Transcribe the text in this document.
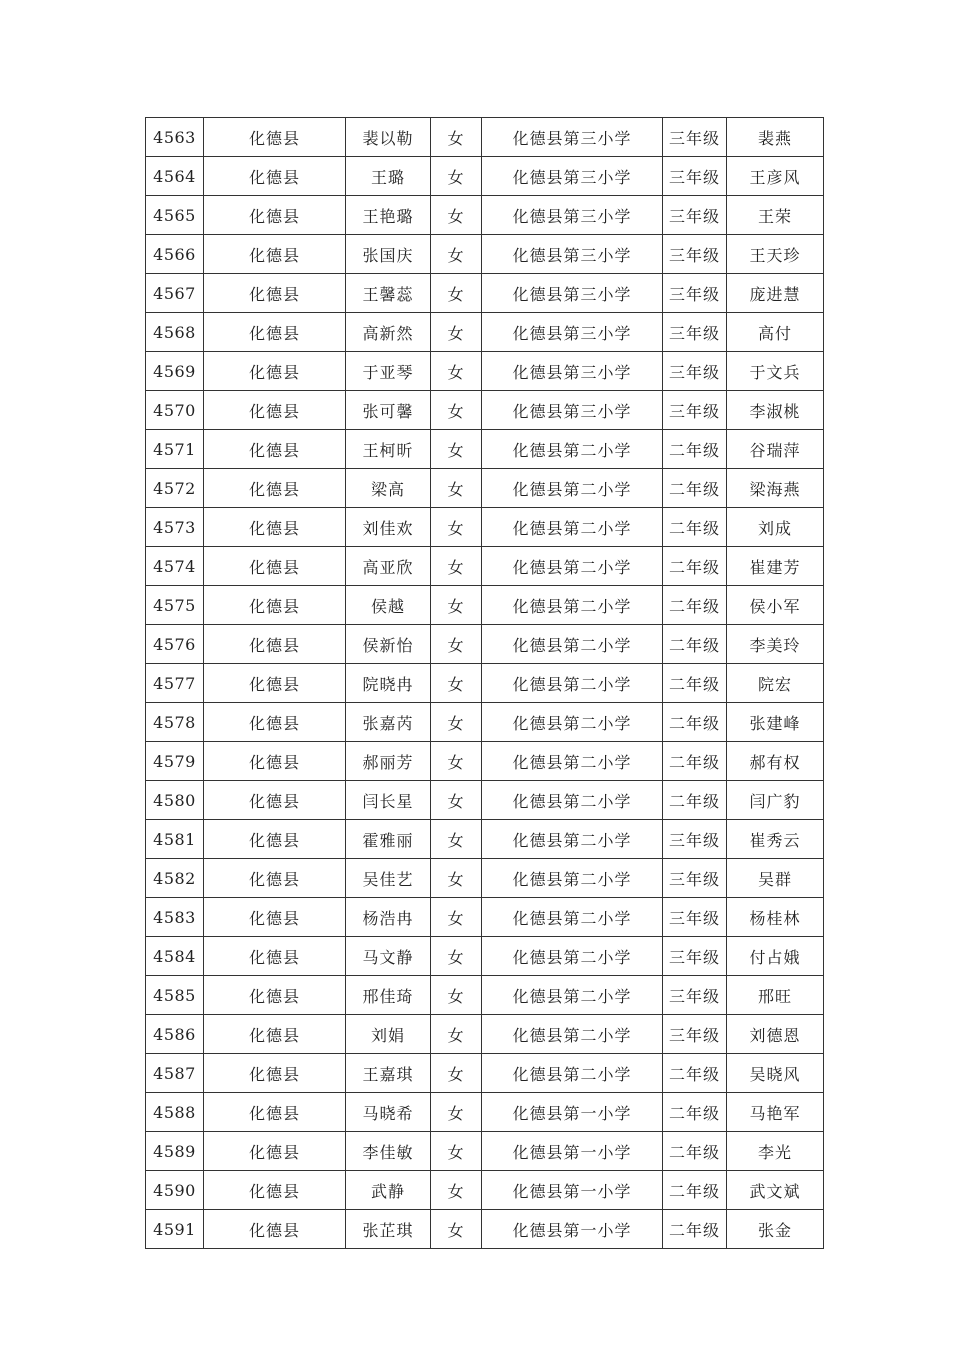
4563	化德县	裴以勒	女	化德县第三小学	三年级	裴燕
4564	化德县	王璐	女	化德县第三小学	三年级	王彦风
4565	化德县	王艳璐	女	化德县第三小学	三年级	王荣
4566	化德县	张国庆	女	化德县第三小学	三年级	王天珍
4567	化德县	王馨蕊	女	化德县第三小学	三年级	庞进慧
4568	化德县	高新然	女	化德县第三小学	三年级	高付
4569	化德县	于亚琴	女	化德县第三小学	三年级	于文兵
4570	化德县	张可馨	女	化德县第三小学	三年级	李淑桃
4571	化德县	王柯昕	女	化德县第二小学	二年级	谷瑞萍
4572	化德县	梁高	女	化德县第二小学	二年级	梁海燕
4573	化德县	刘佳欢	女	化德县第二小学	二年级	刘成
4574	化德县	高亚欣	女	化德县第二小学	二年级	崔建芳
4575	化德县	侯越	女	化德县第二小学	二年级	侯小军
4576	化德县	侯新怡	女	化德县第二小学	二年级	李美玲
4577	化德县	院晓冉	女	化德县第二小学	二年级	院宏
4578	化德县	张嘉芮	女	化德县第二小学	二年级	张建峰
4579	化德县	郝丽芳	女	化德县第二小学	二年级	郝有权
4580	化德县	闫长星	女	化德县第二小学	二年级	闫广豹
4581	化德县	霍雅丽	女	化德县第二小学	三年级	崔秀云
4582	化德县	吴佳艺	女	化德县第二小学	三年级	吴群
4583	化德县	杨浩冉	女	化德县第二小学	三年级	杨桂林
4584	化德县	马文静	女	化德县第二小学	三年级	付占娥
4585	化德县	邢佳琦	女	化德县第二小学	三年级	邢旺
4586	化德县	刘娟	女	化德县第二小学	三年级	刘德恩
4587	化德县	王嘉琪	女	化德县第二小学	二年级	吴晓风
4588	化德县	马晓希	女	化德县第一小学	二年级	马艳军
4589	化德县	李佳敏	女	化德县第一小学	二年级	李光
4590	化德县	武静	女	化德县第一小学	二年级	武文斌
4591	化德县	张芷琪	女	化德县第一小学	二年级	张金
